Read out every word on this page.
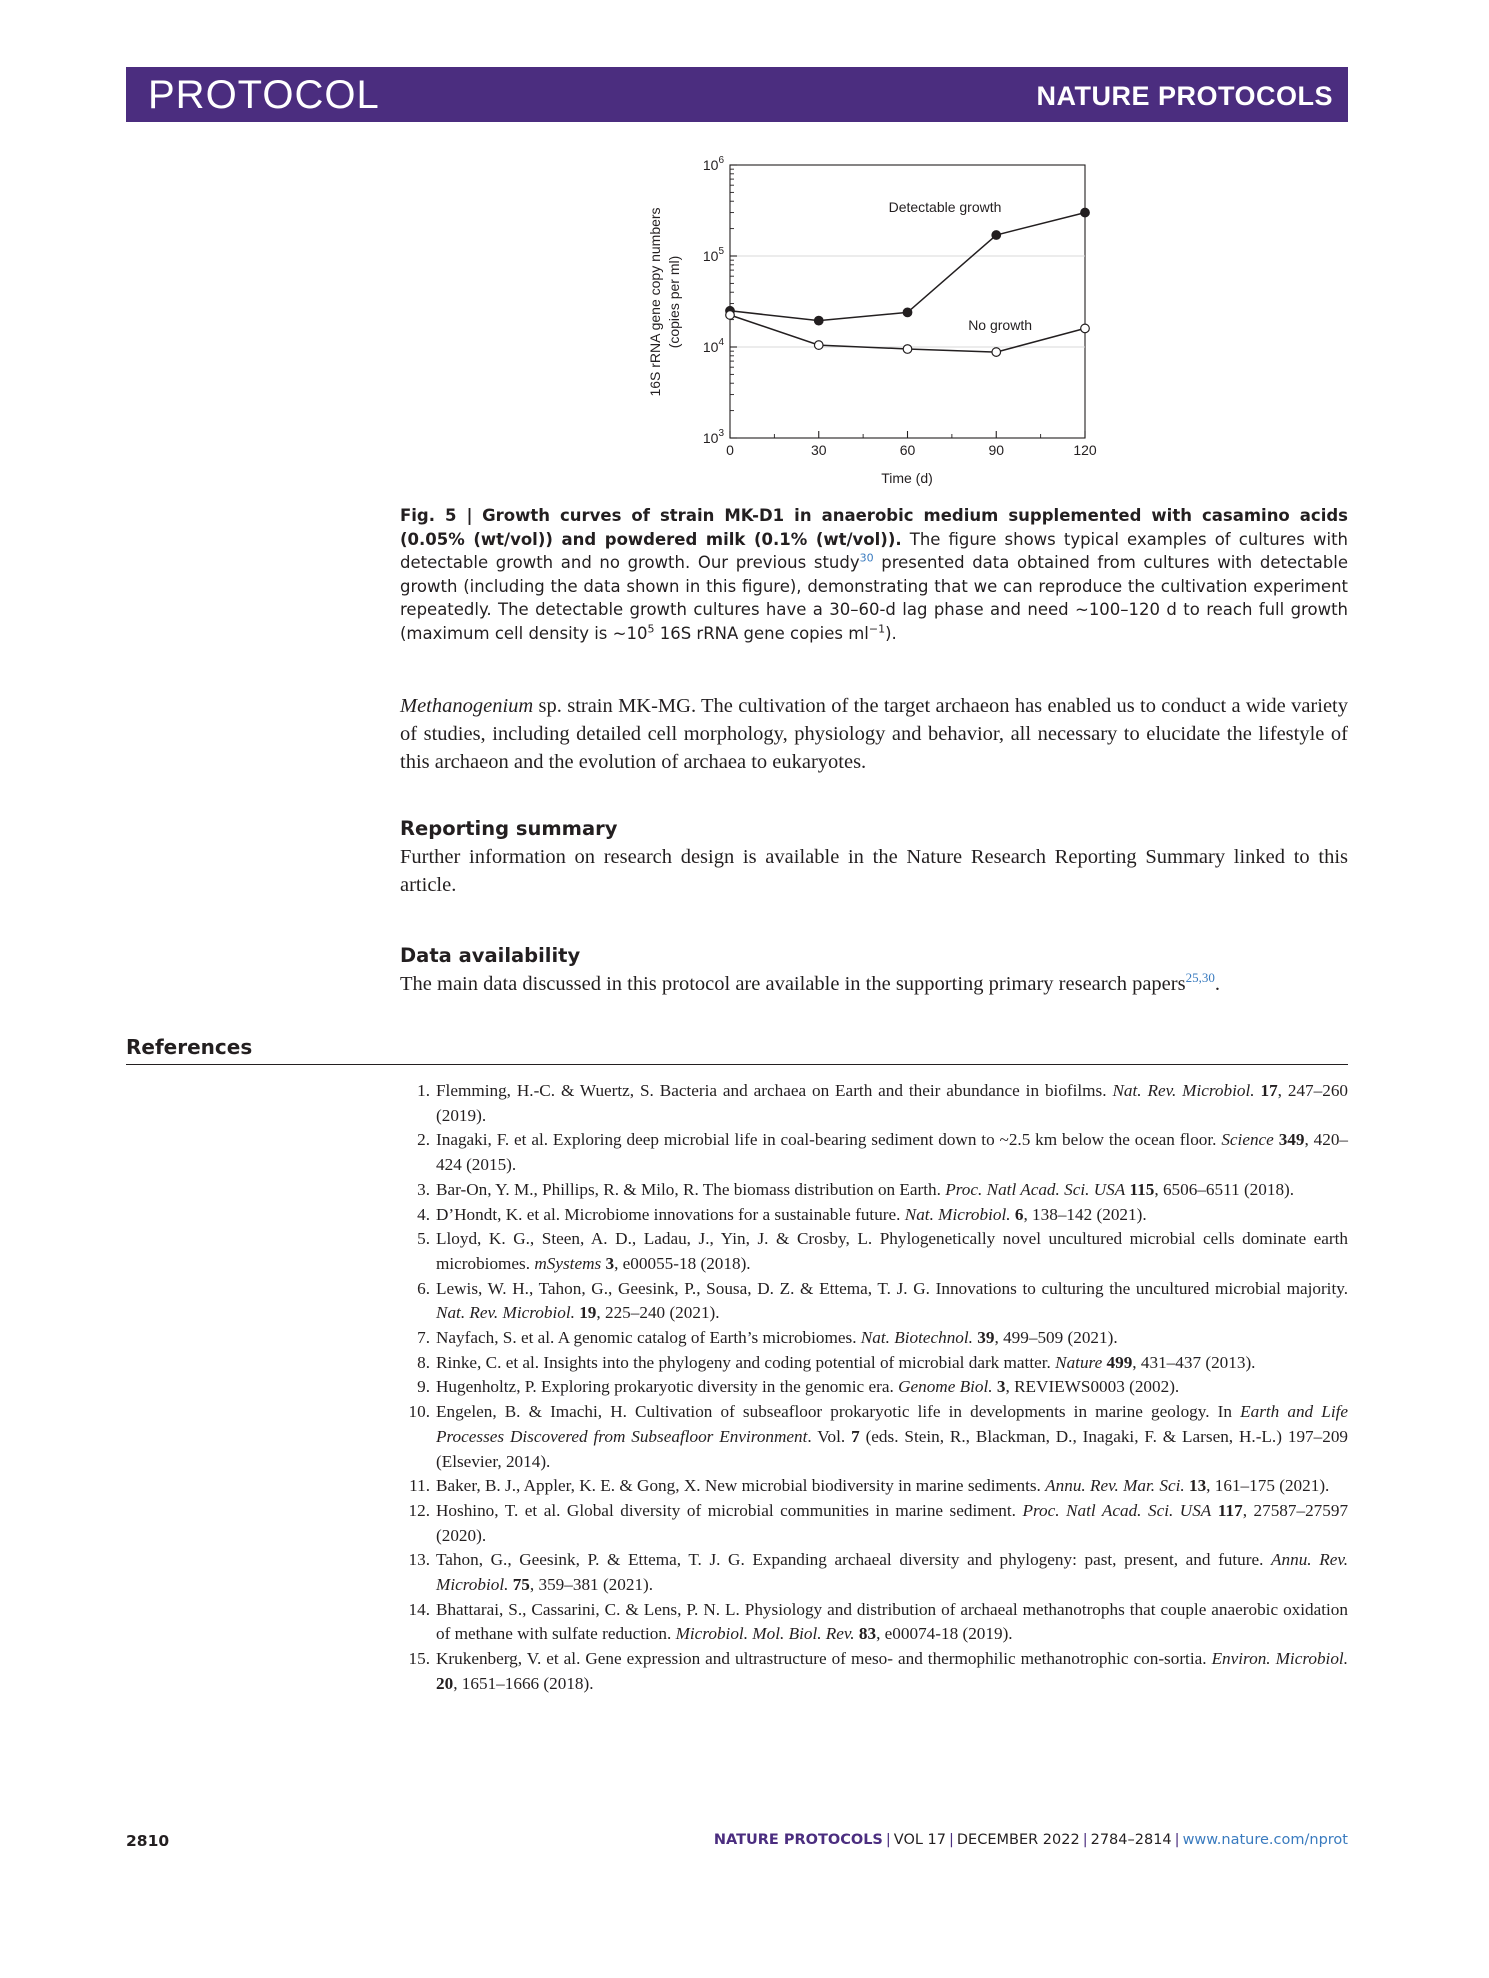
PROTOCOL	NATURE PROTOCOLS
$10^3$
$10^4$
$10^5$
$10^6$
0	30	60	90	120
Detectable growth
No growth
Time (d)
16S rRNA gene copy numbers (copies per ml)
Fig. 5 | Growth curves of strain MK-D1 in anaerobic medium supplemented with casamino acids (0.05% (wt/vol)) and powdered milk (0.1% (wt/vol)). The figure shows typical examples of cultures with detectable growth and no growth. Our previous study$^{30}$ presented data obtained from cultures with detectable growth (including the data shown in this figure), demonstrating that we can reproduce the cultivation experiment repeatedly. The detectable growth cultures have a 30–60-d lag phase and need ~100–120 d to reach full growth (maximum cell density is $\sim 10^5$ 16S rRNA gene copies $ml^{-1}$).

Methanogenium sp. strain MK-MG. The cultivation of the target archaeon has enabled us to conduct a wide variety of studies, including detailed cell morphology, physiology and behavior, all necessary to elucidate the lifestyle of this archaeon and the evolution of archaea to eukaryotes.

Reporting summary

Further information on research design is available in the Nature Research Reporting Summary linked to this article.

Data availability

The main data discussed in this protocol are available in the supporting primary research papers$^{25,30}$.

References
1. Flemming, H.-C. & Wuertz, S. Bacteria and archaea on Earth and their abundance in biofilms. Nat. Rev. Microbiol. 17, 247–260 (2019).
2. Inagaki, F. et al. Exploring deep microbial life in coal-bearing sediment down to ~2.5 km below the ocean floor. Science 349, 420–424 (2015).
3. Bar-On, Y. M., Phillips, R. & Milo, R. The biomass distribution on Earth. Proc. Natl Acad. Sci. USA 115, 6506–6511 (2018).
4. D’Hondt, K. et al. Microbiome innovations for a sustainable future. Nat. Microbiol. 6, 138–142 (2021).
5. Lloyd, K. G., Steen, A. D., Ladau, J., Yin, J. & Crosby, L. Phylogenetically novel uncultured microbial cells dominate earth microbiomes. mSystems 3, e00055-18 (2018).
6. Lewis, W. H., Tahon, G., Geesink, P., Sousa, D. Z. & Ettema, T. J. G. Innovations to culturing the uncultured microbial majority. Nat. Rev. Microbiol. 19, 225–240 (2021).
7. Nayfach, S. et al. A genomic catalog of Earth’s microbiomes. Nat. Biotechnol. 39, 499–509 (2021).
8. Rinke, C. et al. Insights into the phylogeny and coding potential of microbial dark matter. Nature 499, 431–437 (2013).
9. Hugenholtz, P. Exploring prokaryotic diversity in the genomic era. Genome Biol. 3, REVIEWS0003 (2002).
10. Engelen, B. & Imachi, H. Cultivation of subseafloor prokaryotic life in developments in marine geology. In Earth and Life Processes Discovered from Subseafloor Environment. Vol. 7 (eds. Stein, R., Blackman, D., Inagaki, F. & Larsen, H.-L.) 197–209 (Elsevier, 2014).
11. Baker, B. J., Appler, K. E. & Gong, X. New microbial biodiversity in marine sediments. Annu. Rev. Mar. Sci. 13, 161–175 (2021).
12. Hoshino, T. et al. Global diversity of microbial communities in marine sediment. Proc. Natl Acad. Sci. USA 117, 27587–27597 (2020).
13. Tahon, G., Geesink, P. & Ettema, T. J. G. Expanding archaeal diversity and phylogeny: past, present, and future. Annu. Rev. Microbiol. 75, 359–381 (2021).
14. Bhattarai, S., Cassarini, C. & Lens, P. N. L. Physiology and distribution of archaeal methanotrophs that couple anaerobic oxidation of methane with sulfate reduction. Microbiol. Mol. Biol. Rev. 83, e00074-18 (2019).
15. Krukenberg, V. et al. Gene expression and ultrastructure of meso- and thermophilic methanotrophic con-sortia. Environ. Microbiol. 20, 1651–1666 (2018).
2810	NATURE PROTOCOLS | VOL 17 | DECEMBER 2022 | 2784–2814 | www.nature.com/nprot
